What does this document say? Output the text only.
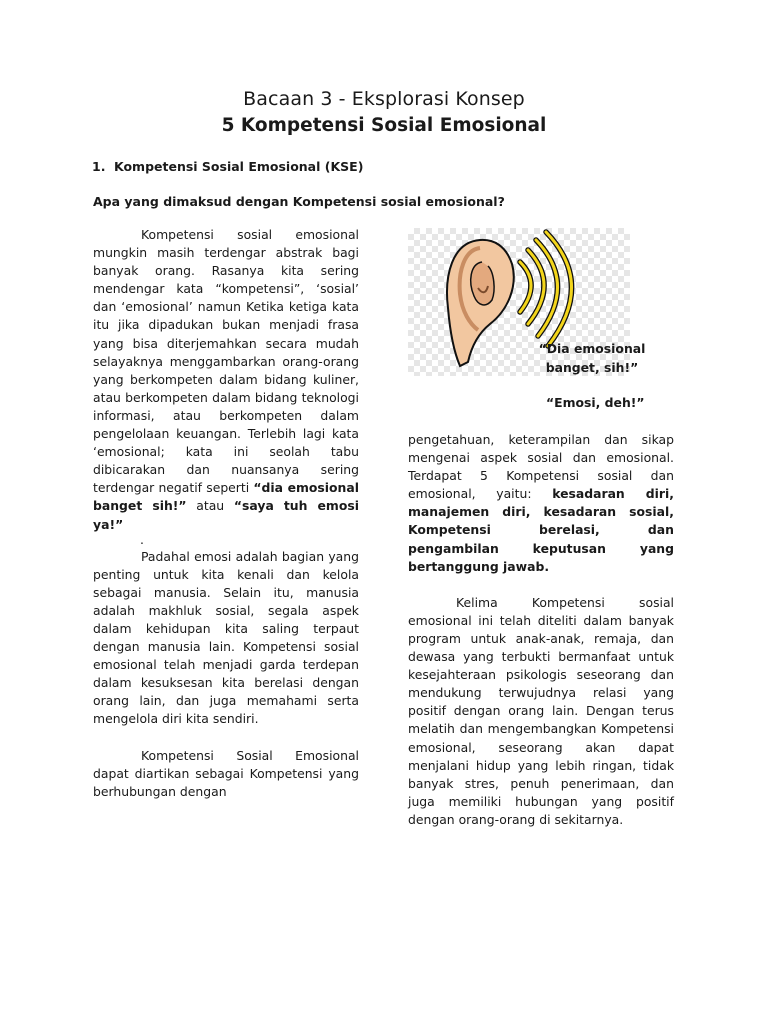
Bacaan 3 - Eksplorasi Konsep
5 Kompetensi Sosial Emosional
1. Kompetensi Sosial Emosional (KSE)
Apa yang dimaksud dengan Kompetensi sosial emosional?

Kompetensi sosial emosional mungkin masih terdengar abstrak bagi banyak orang. Rasanya kita sering mendengar kata “kompetensi”, ‘sosial’ dan ‘emosional’ namun Ketika ketiga kata itu jika dipadukan bukan menjadi frasa yang bisa diterjemahkan secara mudah selayaknya menggambarkan orang-orang yang berkompeten dalam bidang kuliner, atau berkompeten dalam bidang teknologi informasi, atau berkompeten dalam pengelolaan keuangan. Terlebih lagi kata ‘emosional; kata ini seolah tabu dibicarakan dan nuansanya sering terdengar negatif seperti “dia emosional banget sih!” atau “saya tuh emosi ya!”

.

Padahal emosi adalah bagian yang penting untuk kita kenali dan kelola sebagai manusia. Selain itu, manusia adalah makhluk sosial, segala aspek dalam kehidupan kita saling terpaut dengan manusia lain. Kompetensi sosial emosional telah menjadi garda terdepan dalam kesuksesan kita berelasi dengan orang lain, dan juga memahami serta mengelola diri kita sendiri.

Kompetensi Sosial Emosional dapat diartikan sebagai Kompetensi yang berhubungan dengan

“Dia emosional banget, sih!”
“Emosi, deh!”

pengetahuan, keterampilan dan sikap mengenai aspek sosial dan emosional. Terdapat 5 Kompetensi sosial dan emosional, yaitu: kesadaran diri, manajemen diri, kesadaran sosial, Kompetensi berelasi, dan pengambilan keputusan yang bertanggung jawab.

Kelima Kompetensi sosial emosional ini telah diteliti dalam banyak program untuk anak-anak, remaja, dan dewasa yang terbukti bermanfaat untuk kesejahteraan psikologis seseorang dan mendukung terwujudnya relasi yang positif dengan orang lain. Dengan terus melatih dan mengembangkan Kompetensi emosional, seseorang akan dapat menjalani hidup yang lebih ringan, tidak banyak stres, penuh penerimaan, dan juga memiliki hubungan yang positif dengan orang-orang di sekitarnya.
